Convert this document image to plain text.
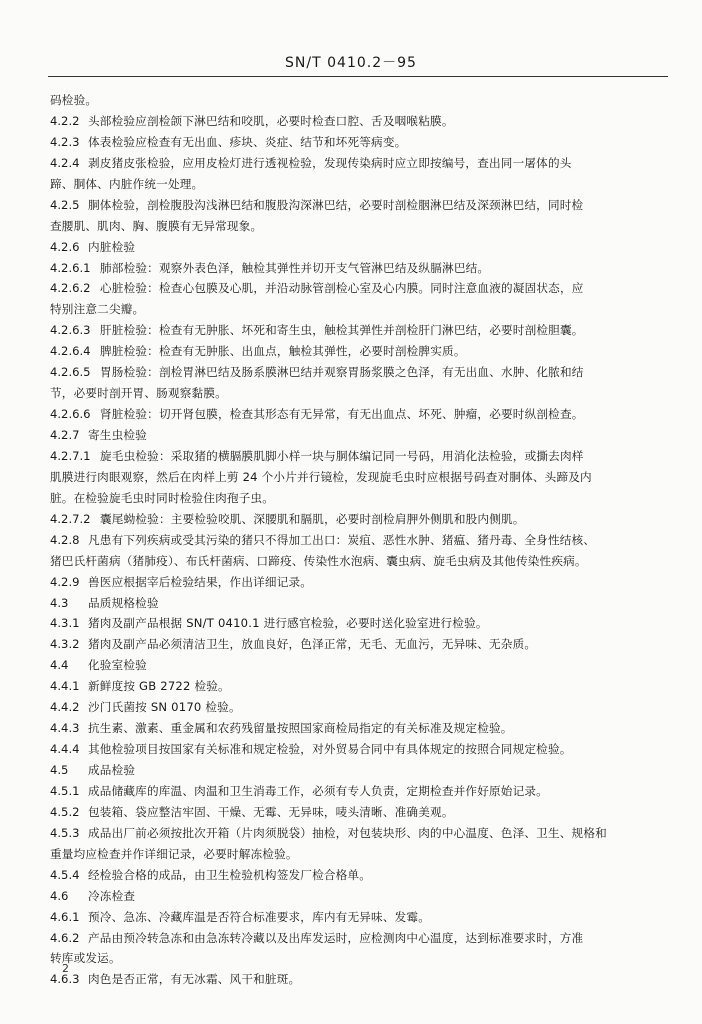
SN/T 0410.2－95
码检验。
4.2.2 头部检验应剖检颌下淋巴结和咬肌，必要时检查口腔、舌及咽喉粘膜。
4.2.3 体表检验应检查有无出血、疹块、炎症、结节和坏死等病变。
4.2.4 剥皮猪皮张检验，应用皮检灯进行透视检验，发现传染病时应立即按编号，查出同一屠体的头
蹄、胴体、内脏作统一处理。
4.2.5 胴体检验，剖检腹股沟浅淋巴结和腹股沟深淋巴结，必要时剖检胭淋巴结及深颈淋巴结，同时检
查腰肌、肌肉、胸、腹膜有无异常现象。
4.2.6 内脏检验
4.2.6.1 肺部检验：观察外表色泽，触检其弹性并切开支气管淋巴结及纵膈淋巴结。
4.2.6.2 心脏检验：检查心包膜及心肌，并沿动脉管剖检心室及心内膜。同时注意血液的凝固状态，应
特别注意二尖瓣。
4.2.6.3 肝脏检验：检查有无肿胀、坏死和寄生虫，触检其弹性并剖检肝门淋巴结，必要时剖检胆囊。
4.2.6.4 脾脏检验：检查有无肿胀、出血点，触检其弹性，必要时剖检脾实质。
4.2.6.5 胃肠检验：剖检胃淋巴结及肠系膜淋巴结并观察胃肠浆膜之色泽，有无出血、水肿、化脓和结
节，必要时剖开胃、肠观察黏膜。
4.2.6.6 肾脏检验：切开肾包膜，检查其形态有无异常，有无出血点、坏死、肿瘤，必要时纵剖检查。
4.2.7 寄生虫检验
4.2.7.1 旋毛虫检验：采取猪的横膈膜肌脚小样一块与胴体编记同一号码，用消化法检验，或撕去肉样
肌膜进行肉眼观察，然后在肉样上剪 24 个小片并行镜检，发现旋毛虫时应根据号码查对胴体、头蹄及内
脏。在检验旋毛虫时同时检验住肉孢子虫。
4.2.7.2 囊尾蚴检验：主要检验咬肌、深腰肌和膈肌，必要时剖检肩胛外侧肌和股内侧肌。
4.2.8 凡患有下列疾病或受其污染的猪只不得加工出口：炭疽、恶性水肿、猪瘟、猪丹毒、全身性结核、
猪巴氏杆菌病（猪肺疫）、布氏杆菌病、口蹄疫、传染性水泡病、囊虫病、旋毛虫病及其他传染性疾病。
4.2.9 兽医应根据宰后检验结果，作出详细记录。
4.3 品质规格检验
4.3.1 猪肉及副产品根据 SN/T 0410.1 进行感官检验，必要时送化验室进行检验。
4.3.2 猪肉及副产品必须清洁卫生，放血良好，色泽正常，无毛、无血污，无异味、无杂质。
4.4 化验室检验
4.4.1 新鲜度按 GB 2722 检验。
4.4.2 沙门氏菌按 SN 0170 检验。
4.4.3 抗生素、激素、重金属和农药残留量按照国家商检局指定的有关标准及规定检验。
4.4.4 其他检验项目按国家有关标准和规定检验，对外贸易合同中有具体规定的按照合同规定检验。
4.5 成品检验
4.5.1 成品储藏库的库温、肉温和卫生消毒工作，必须有专人负责，定期检查并作好原始记录。
4.5.2 包装箱、袋应整洁牢固、干燥、无霉、无异味，唛头清晰、准确美观。
4.5.3 成品出厂前必须按批次开箱（片肉须脱袋）抽检，对包装块形、肉的中心温度、色泽、卫生、规格和
重量均应检查并作详细记录，必要时解冻检验。
4.5.4 经检验合格的成品，由卫生检验机构签发厂检合格单。
4.6 冷冻检查
4.6.1 预冷、急冻、冷藏库温是否符合标准要求，库内有无异味、发霉。
4.6.2 产品由预冷转急冻和由急冻转冷藏以及出库发运时，应检测肉中心温度，达到标准要求时，方准
转库或发运。
4.6.3 肉色是否正常，有无冰霜、风干和脏斑。
2
